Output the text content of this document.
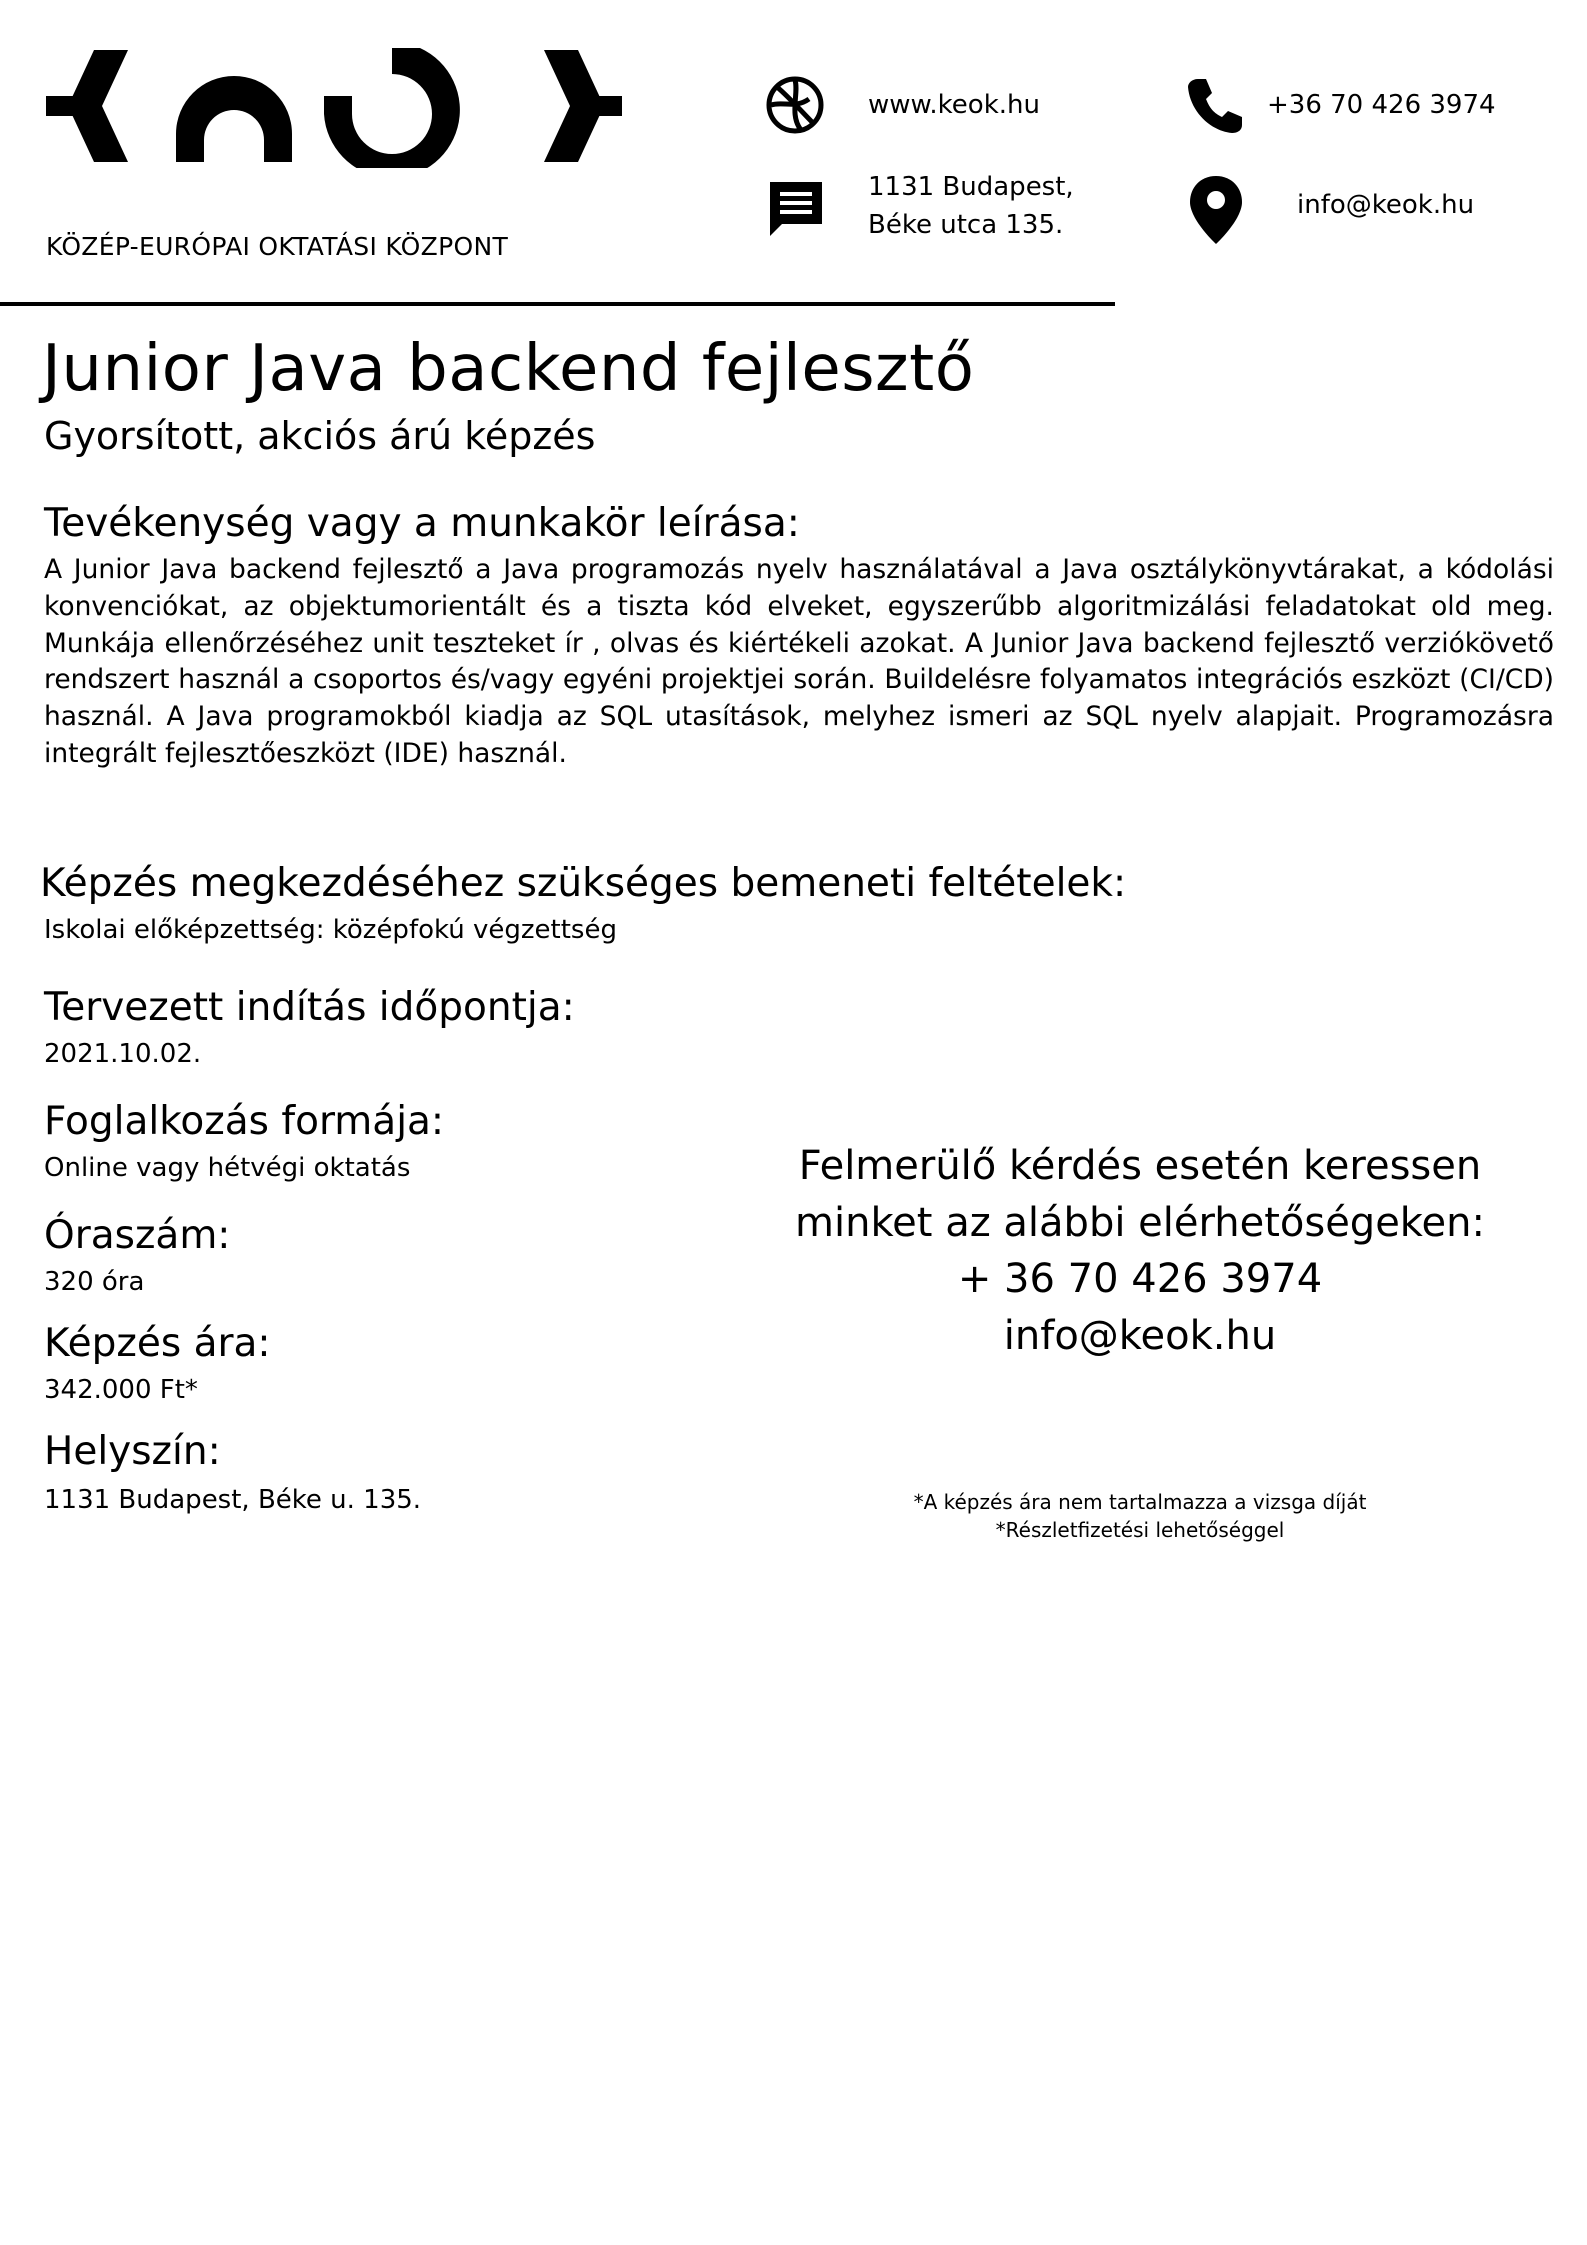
KÖZÉP-EURÓPAI OKTATÁSI KÖZPONT
www.keok.hu	+36 70 426 3974
1131 Budapest,
Béke utca 135.
info@keok.hu
Junior Java backend fejlesztő
Gyorsított, akciós árú képzés
Tevékenység vagy a munkakör leírása:
A Junior Java backend fejlesztő a Java programozás nyelv használatával a Java osztálykönyvtárakat, a kódolási konvenciókat, az objektumorientált és a tiszta kód elveket, egyszerűbb algoritmizálási feladatokat old meg. Munkája ellenőrzéséhez unit teszteket ír , olvas és kiértékeli azokat. A Junior Java backend fejlesztő verziókövető rendszert használ a csoportos és/vagy egyéni projektjei során. Buildelésre folyamatos integrációs eszközt (CI/CD) használ. A Java programokból kiadja az SQL utasítások, melyhez ismeri az SQL nyelv alapjait. Programozásra integrált fejlesztőeszközt (IDE) használ.
Képzés megkezdéséhez szükséges bemeneti feltételek:
Iskolai előképzettség: középfokú végzettség
Tervezett indítás időpontja:
2021.10.02.
Foglalkozás formája:
Online vagy hétvégi oktatás
Óraszám:
320 óra
Képzés ára:
342.000 Ft*
Helyszín:
1131 Budapest, Béke u. 135.
Felmerülő kérdés esetén keressen
minket az alábbi elérhetőségeken:
+ 36 70 426 3974
info@keok.hu
*A képzés ára nem tartalmazza a vizsga díját
*Részletfizetési lehetőséggel
